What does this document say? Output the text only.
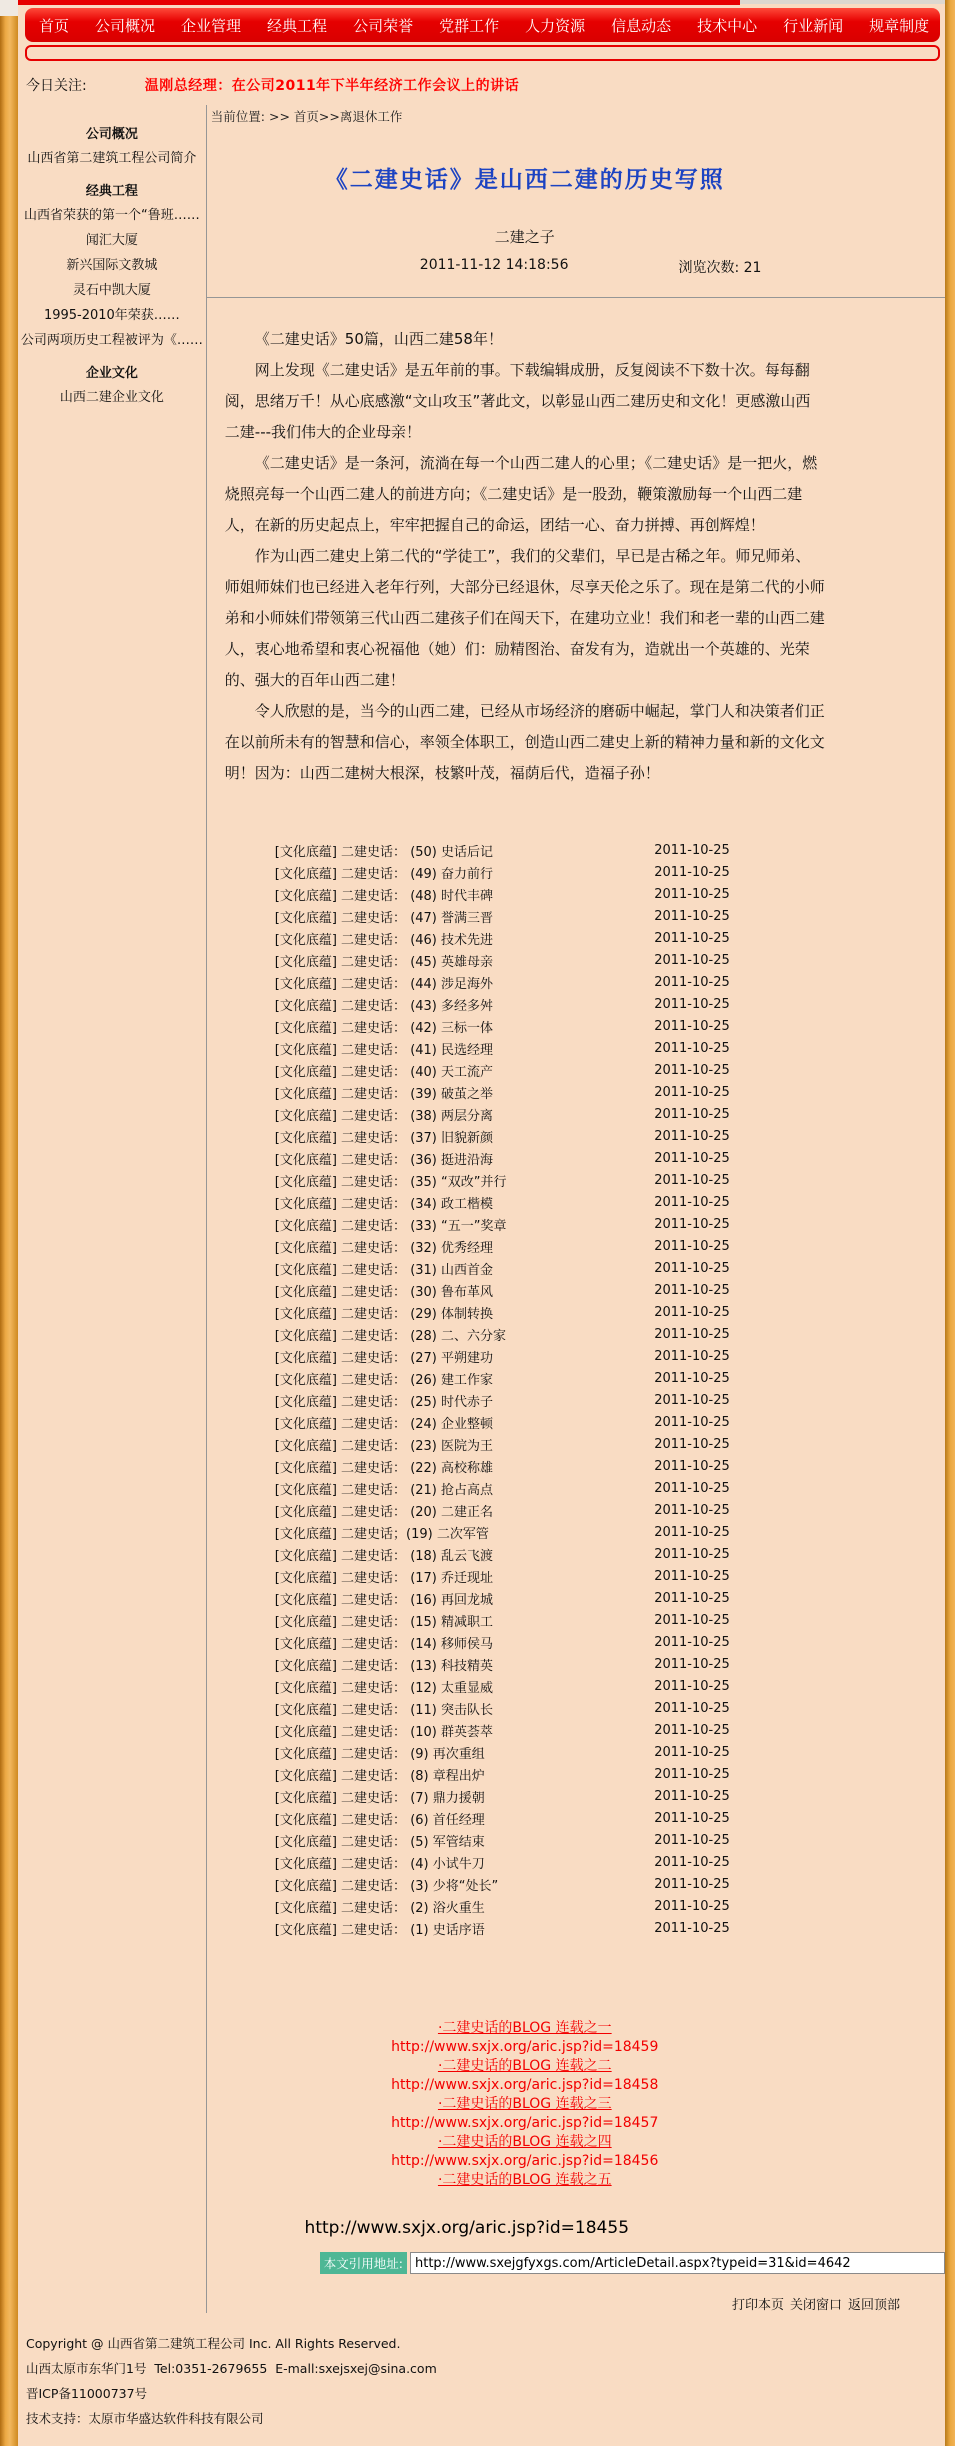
首页 公司概况 企业管理 经典工程 公司荣誉 党群工作 人力资源 信息动态 技术中心 行业新闻 规章制度
今日关注:	温刚总经理：在公司2011年下半年经济工作会议上的讲话
公司概况
山西省第二建筑工程公司简介
经典工程
山西省荣获的第一个“鲁班……
闻汇大厦
新兴国际文教城
灵石中凯大厦
1995-2010年荣获……
公司两项历史工程被评为《……
企业文化
山西二建企业文化
当前位置: >> 首页>>离退休工作
《二建史话》是山西二建的历史写照
二建之子
2011-11-12 14:18:56	浏览次数: 21

《二建史话》50篇，山西二建58年！

网上发现《二建史话》是五年前的事。下载编辑成册，反复阅读不下数十次。每每翻阅，思绪万千！从心底感激“文山攻玉”著此文，以彰显山西二建历史和文化！更感激山西二建---我们伟大的企业母亲！

《二建史话》是一条河，流淌在每一个山西二建人的心里；《二建史话》是一把火，燃烧照亮每一个山西二建人的前进方向；《二建史话》是一股劲，鞭策激励每一个山西二建人，在新的历史起点上，牢牢把握自己的命运，团结一心、奋力拼搏、再创辉煌！

作为山西二建史上第二代的“学徒工”，我们的父辈们，早已是古稀之年。师兄师弟、师姐师妹们也已经进入老年行列，大部分已经退休，尽享天伦之乐了。现在是第二代的小师弟和小师妹们带领第三代山西二建孩子们在闯天下，在建功立业！我们和老一辈的山西二建人，衷心地希望和衷心祝福他（她）们：励精图治、奋发有为，造就出一个英雄的、光荣的、强大的百年山西二建！

令人欣慰的是，当今的山西二建，已经从市场经济的磨砺中崛起，掌门人和决策者们正在以前所未有的智慧和信心，率领全体职工，创造山西二建史上新的精神力量和新的文化文明！因为：山西二建树大根深，枝繁叶茂，福荫后代，造福子孙！

[文化底蕴] 二建史话： (50) 史话后记	2011-10-25
[文化底蕴] 二建史话： (49) 奋力前行	2011-10-25
[文化底蕴] 二建史话： (48) 时代丰碑	2011-10-25
[文化底蕴] 二建史话： (47) 誉满三晋	2011-10-25
[文化底蕴] 二建史话： (46) 技术先进	2011-10-25
[文化底蕴] 二建史话： (45) 英雄母亲	2011-10-25
[文化底蕴] 二建史话： (44) 涉足海外	2011-10-25
[文化底蕴] 二建史话： (43) 多经多舛	2011-10-25
[文化底蕴] 二建史话： (42) 三标一体	2011-10-25
[文化底蕴] 二建史话： (41) 民选经理	2011-10-25
[文化底蕴] 二建史话： (40) 天工流产	2011-10-25
[文化底蕴] 二建史话： (39) 破茧之举	2011-10-25
[文化底蕴] 二建史话： (38) 两层分离	2011-10-25
[文化底蕴] 二建史话： (37) 旧貌新颜	2011-10-25
[文化底蕴] 二建史话： (36) 挺进沿海	2011-10-25
[文化底蕴] 二建史话： (35) “双改”并行	2011-10-25
[文化底蕴] 二建史话： (34) 政工楷模	2011-10-25
[文化底蕴] 二建史话： (33) “五一”奖章	2011-10-25
[文化底蕴] 二建史话： (32) 优秀经理	2011-10-25
[文化底蕴] 二建史话： (31) 山西首金	2011-10-25
[文化底蕴] 二建史话： (30) 鲁布革风	2011-10-25
[文化底蕴] 二建史话： (29) 体制转换	2011-10-25
[文化底蕴] 二建史话： (28) 二、六分家	2011-10-25
[文化底蕴] 二建史话： (27) 平朔建功	2011-10-25
[文化底蕴] 二建史话： (26) 建工作家	2011-10-25
[文化底蕴] 二建史话： (25) 时代赤子	2011-10-25
[文化底蕴] 二建史话： (24) 企业整顿	2011-10-25
[文化底蕴] 二建史话： (23) 医院为王	2011-10-25
[文化底蕴] 二建史话： (22) 高校称雄	2011-10-25
[文化底蕴] 二建史话： (21) 抢占高点	2011-10-25
[文化底蕴] 二建史话： (20) 二建正名	2011-10-25
[文化底蕴] 二建史话；(19) 二次军管	2011-10-25
[文化底蕴] 二建史话： (18) 乱云飞渡	2011-10-25
[文化底蕴] 二建史话： (17) 乔迁现址	2011-10-25
[文化底蕴] 二建史话： (16) 再回龙城	2011-10-25
[文化底蕴] 二建史话： (15) 精减职工	2011-10-25
[文化底蕴] 二建史话： (14) 移师侯马	2011-10-25
[文化底蕴] 二建史话： (13) 科技精英	2011-10-25
[文化底蕴] 二建史话： (12) 太重显威	2011-10-25
[文化底蕴] 二建史话： (11) 突击队长	2011-10-25
[文化底蕴] 二建史话： (10) 群英荟萃	2011-10-25
[文化底蕴] 二建史话： (9) 再次重组	2011-10-25
[文化底蕴] 二建史话： (8) 章程出炉	2011-10-25
[文化底蕴] 二建史话： (7) 鼎力援朝	2011-10-25
[文化底蕴] 二建史话： (6) 首任经理	2011-10-25
[文化底蕴] 二建史话： (5) 军管结束	2011-10-25
[文化底蕴] 二建史话： (4) 小试牛刀	2011-10-25
[文化底蕴] 二建史话： (3) 少将“处长”	2011-10-25
[文化底蕴] 二建史话： (2) 浴火重生	2011-10-25
[文化底蕴] 二建史话： (1) 史话序语	2011-10-25
·二建史话的BLOG 连载之一
http://www.sxjx.org/aric.jsp?id=18459
·二建史话的BLOG 连载之二
http://www.sxjx.org/aric.jsp?id=18458
·二建史话的BLOG 连载之三
http://www.sxjx.org/aric.jsp?id=18457
·二建史话的BLOG 连载之四
http://www.sxjx.org/aric.jsp?id=18456
·二建史话的BLOG 连载之五
http://www.sxjx.org/aric.jsp?id=18455
本文引用地址:
http://www.sxejgfyxgs.com/ArticleDetail.aspx?typeid=31&id=4642
打印本页 关闭窗口 返回顶部
Copyright @ 山西省第二建筑工程公司 Inc. All Rights Reserved.
山西太原市东华门1号  Tel:0351-2679655  E-mall:sxejsxej@sina.com
晋ICP备11000737号
技术支持：太原市华盛达软件科技有限公司
